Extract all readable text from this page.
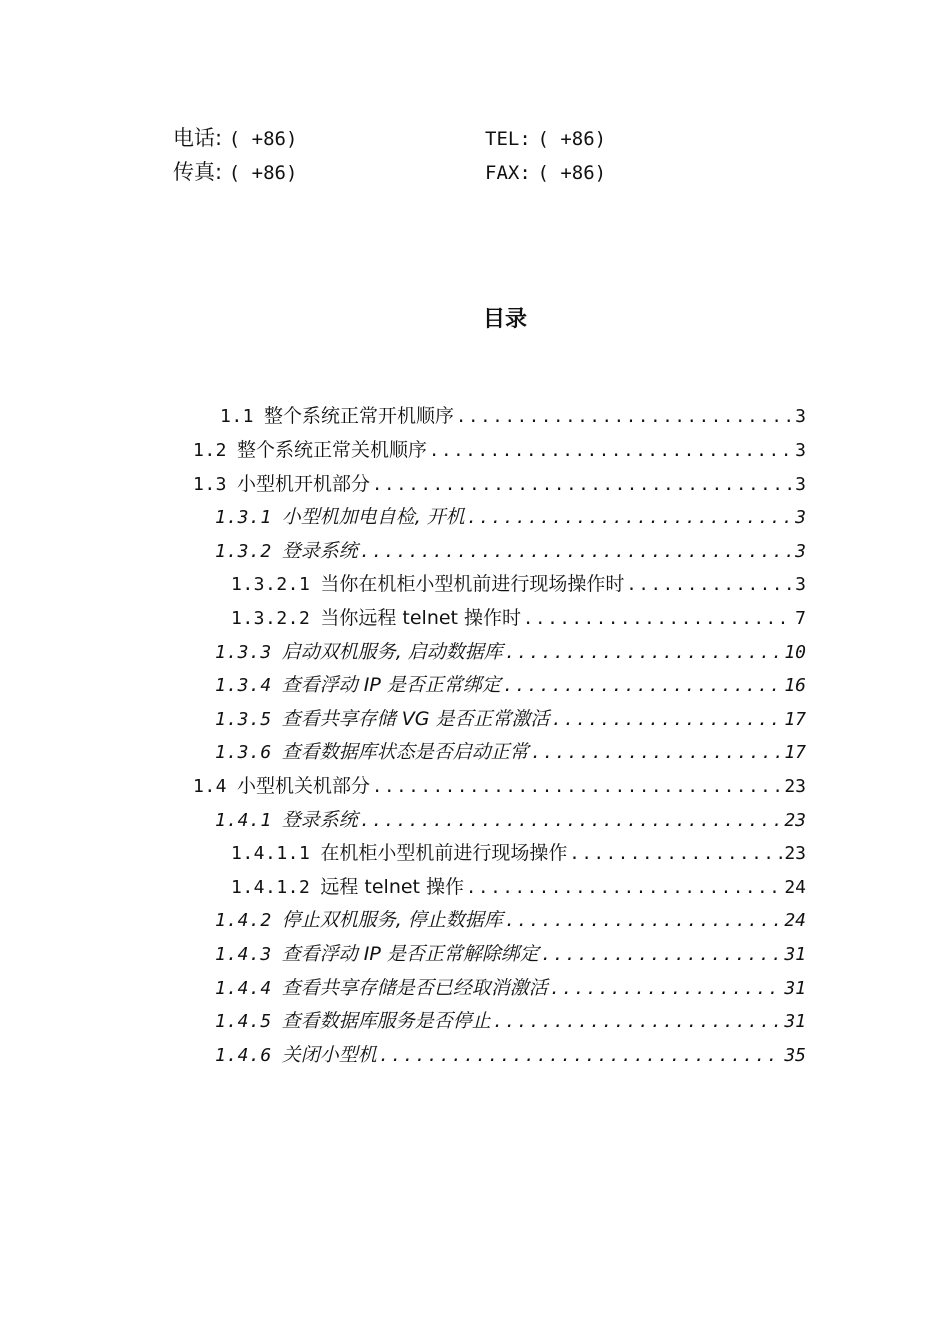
电话: ( +86)	TEL: ( +86)
传真: ( +86)	FAX: ( +86)
目录
1.1 整个系统正常开机顺序 .....	3
1.2 整个系统正常关机顺序 .....	3
1.3 小型机开机部分 .....	3
1.3.1 小型机加电自检, 开机 .....	3
1.3.2 登录系统 .....	3
1.3.2.1 当你在机柜小型机前进行现场操作时 .....	3
1.3.2.2 当你远程 telnet 操作时 .....	7
1.3.3 启动双机服务, 启动数据库 .....	10
1.3.4 查看浮动 IP 是否正常绑定 .....	16
1.3.5 查看共享存储 VG 是否正常激活 .....	17
1.3.6 查看数据库状态是否启动正常 .....	17
1.4 小型机关机部分 .....	23
1.4.1 登录系统 .....	23
1.4.1.1 在机柜小型机前进行现场操作 .....	23
1.4.1.2 远程 telnet 操作 .....	24
1.4.2 停止双机服务, 停止数据库 .....	24
1.4.3 查看浮动 IP 是否正常解除绑定 .....	31
1.4.4 查看共享存储是否已经取消激活 .....	31
1.4.5 查看数据库服务是否停止 .....	31
1.4.6 关闭小型机 .....	35
